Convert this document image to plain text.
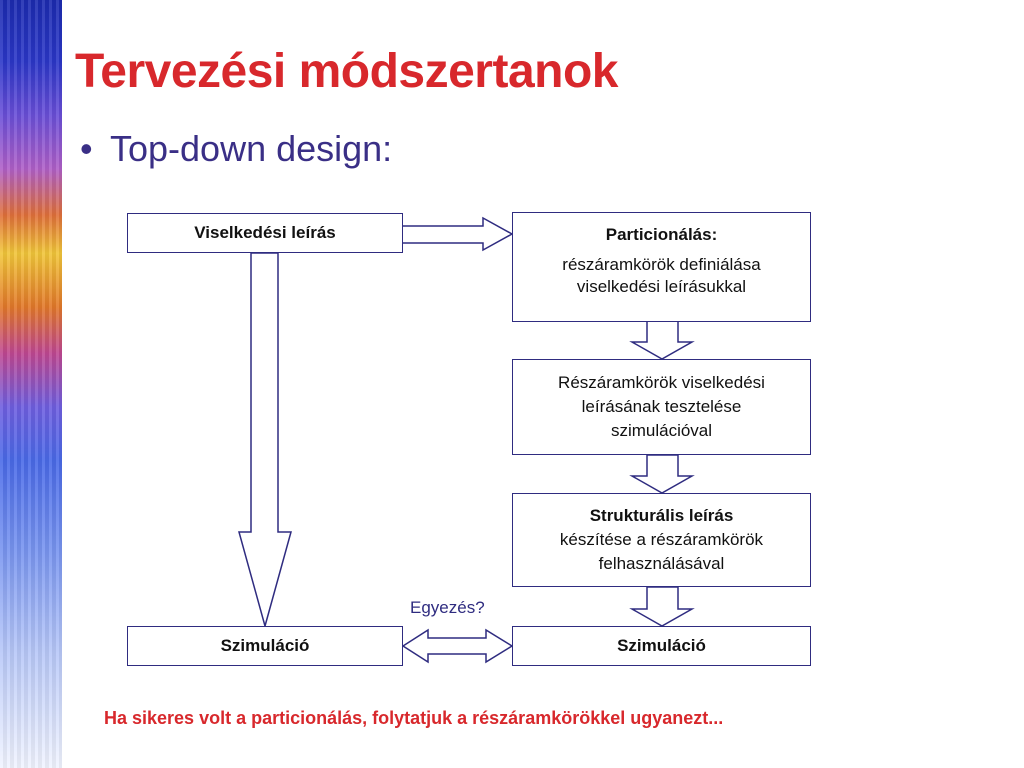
Tervezési módszertanok
• Top-down design:
Viselkedési leírás	Particionálás:
részáramkörök definiálása
viselkedési leírásukkal
Részáramkörök viselkedési
leírásának tesztelése
szimulációval
Strukturális leírás
készítése a részáramkörök
felhasználásával
Szimuláció	Szimuláció
Egyezés?
Ha sikeres volt a particionálás, folytatjuk a részáramkörökkel ugyanezt...
